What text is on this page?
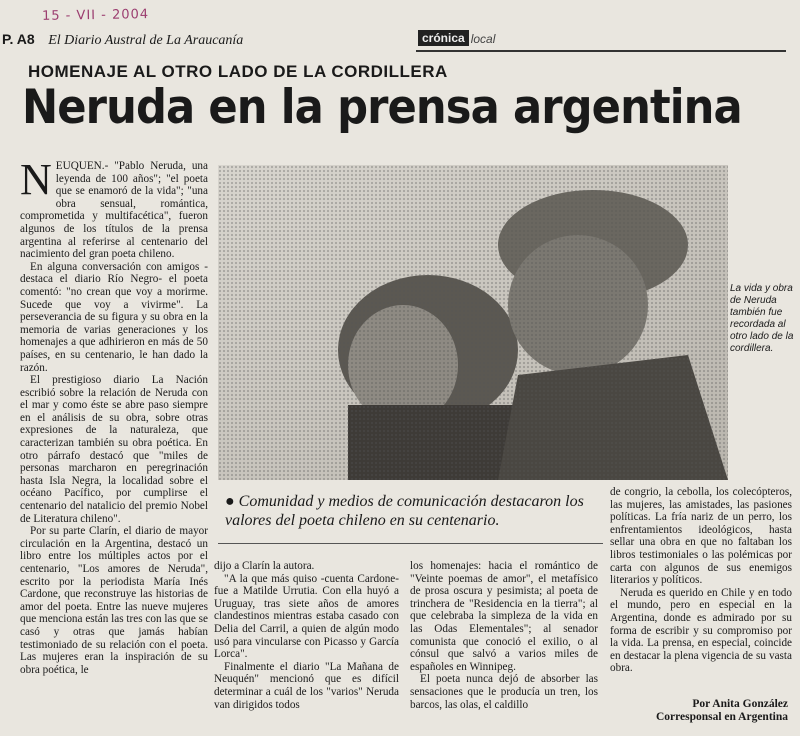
15 - VII - 2004
P. A8 El Diario Austral de La Araucanía	crónica local
HOMENAJE AL OTRO LADO DE LA CORDILLERA
Neruda en la prensa argentina

NEUQUEN.- "Pablo Neruda, una leyenda de 100 años"; "el poeta que se enamoró de la vida"; "una obra sensual, romántica, comprometida y multifacética", fueron algunos de los títulos de la prensa argentina al referirse al centenario del nacimiento del gran poeta chileno.

En alguna conversación con amigos -destaca el diario Río Negro- el poeta comentó: "no crean que voy a morirme. Sucede que voy a vivirme". La perseverancia de su figura y su obra en la memoria de varias generaciones y los homenajes a que adhirieron en más de 50 países, en su centenario, le han dado la razón.

El prestigioso diario La Nación escribió sobre la relación de Neruda con el mar y como éste se abre paso siempre en el análisis de su obra, sobre otras expresiones de la naturaleza, que caracterizan también su obra poética. En otro párrafo destacó que "miles de personas marcharon en peregrinación hasta Isla Negra, la localidad sobre el océano Pacífico, por cumplirse el centenario del natalicio del premio Nobel de Literatura chileno".

Por su parte Clarín, el diario de mayor circulación en la Argentina, destacó un libro entre los múltiples actos por el centenario, "Los amores de Neruda", escrito por la periodista María Inés Cardone, que reconstruye las historias de amor del poeta. Entre las nueve mujeres que menciona están las tres con las que se casó y otras que jamás habían testimoniado de su relación con el poeta. Las mujeres eran la inspiración de su obra poética, le

La vida y obra de Neruda también fue recordada al otro lado de la cordillera.
● Comunidad y medios de comunicación destacaron los valores del poeta chileno en su centenario.

dijo a Clarín la autora.

"A la que más quiso -cuenta Cardone- fue a Matilde Urrutia. Con ella huyó a Uruguay, tras siete años de amores clandestinos mientras estaba casado con Delia del Carril, a quien de algún modo usó para vincularse con Picasso y García Lorca".

Finalmente el diario "La Mañana de Neuquén" mencionó que es difícil determinar a cuál de los "varios" Neruda van dirigidos todos

los homenajes: hacia el romántico de "Veinte poemas de amor", el metafísico de prosa oscura y pesimista; al poeta de trinchera de "Residencia en la tierra"; al que celebraba la simpleza de la vida en las Odas Elementales"; al senador comunista que conoció el exilio, o al cónsul que salvó a varios miles de españoles en Winnipeg.

El poeta nunca dejó de absorber las sensaciones que le producía un tren, los barcos, las olas, el caldillo

de congrio, la cebolla, los colecópteros, las mujeres, las amistades, las pasiones políticas. La fría nariz de un perro, los enfrentamientos ideológicos, hasta sellar una obra en que no faltaban los libros testimoniales o las polémicas por carta con algunos de sus enemigos literarios y políticos.

Neruda es querido en Chile y en todo el mundo, pero en especial en la Argentina, donde es admirado por su forma de escribir y su compromiso por la vida. La prensa, en especial, coincide en destacar la plena vigencia de su vasta obra.

Por Anita González
Corresponsal en Argentina
